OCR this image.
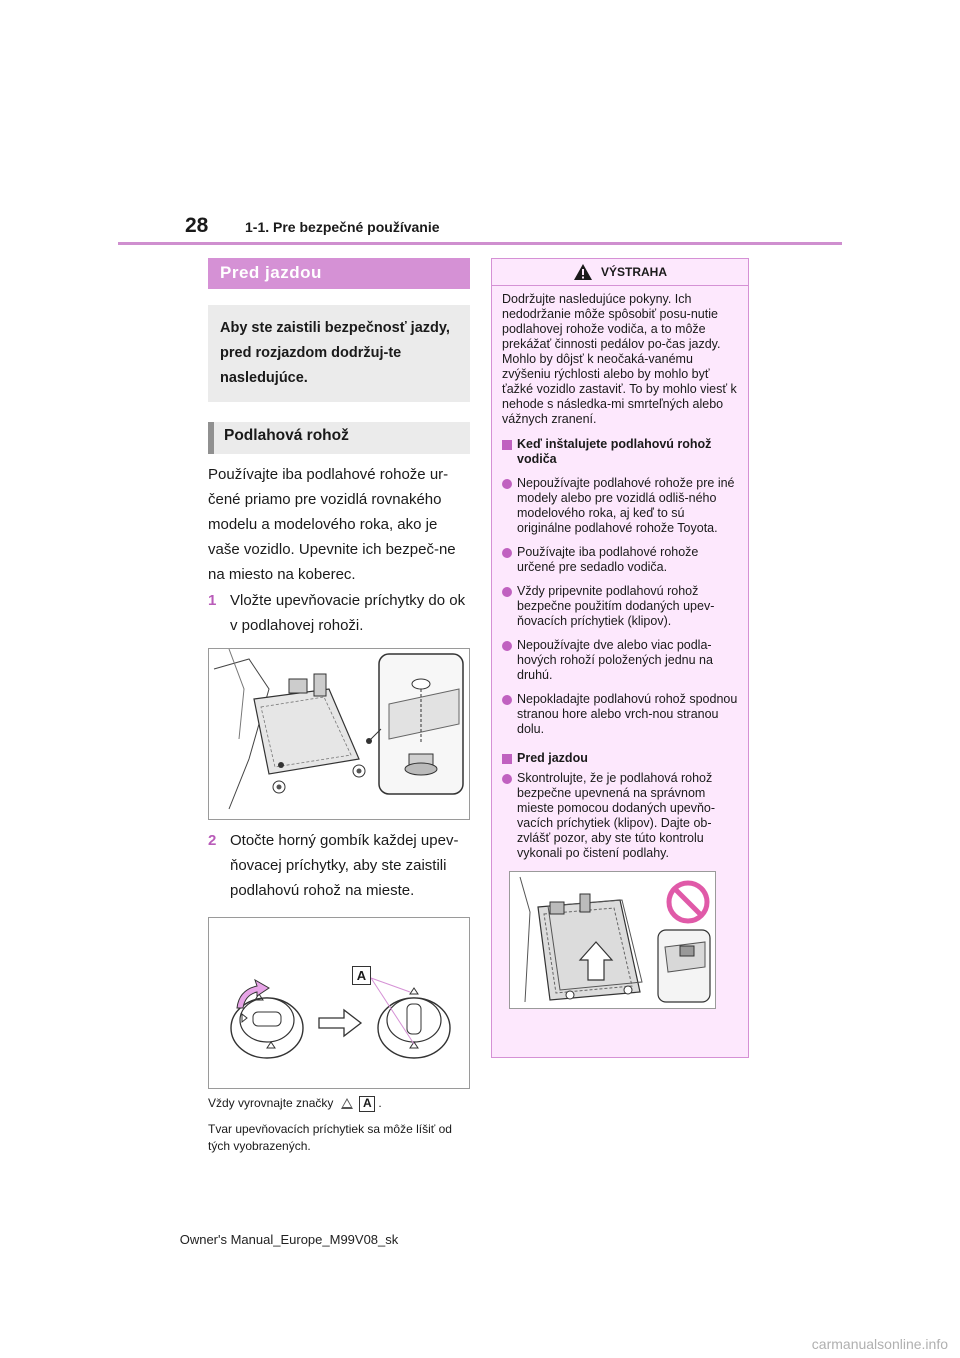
28	1-1. Pre bezpečné používanie
Pred jazdou
Aby ste zaistili bezpečnosť jazdy, pred rozjazdom dodržuj-te nasledujúce.
Podlahová rohož
Používajte iba podlahové rohože ur-čené priamo pre vozidlá rovnakého modelu a modelového roka, ako je vaše vozidlo. Upevnite ich bezpeč-ne na miesto na koberec.
1 Vložte upevňovacie príchytky do ok v podlahovej rohoži.
2 Otočte horný gombík každej upev-ňovacej príchytky, aby ste zaistili podlahovú rohož na mieste.
A
Vždy vyrovnajte značky	A .
Tvar upevňovacích príchytiek sa môže líšiť od tých vyobrazených.
VÝSTRAHA
Dodržujte nasledujúce pokyny. Ich nedodržanie môže spôsobiť posu-nutie podlahovej rohože vodiča, a to môže prekážať činnosti pedálov po-čas jazdy. Mohlo by dôjsť k neočaká-vanému zvýšeniu rýchlosti alebo by mohlo byť ťažké vozidlo zastaviť. To by mohlo viesť k nehode s následka-mi smrteľných alebo vážnych zranení.
Keď inštalujete podlahovú rohož vodiča
Nepoužívajte podlahové rohože pre iné modely alebo pre vozidlá odliš-ného modelového roka, aj keď to sú originálne podlahové rohože Toyota.
Používajte iba podlahové rohože určené pre sedadlo vodiča.
Vždy pripevnite podlahovú rohož bezpečne použitím dodaných upev-ňovacích príchytiek (klipov).
Nepoužívajte dve alebo viac podla-hových rohoží položených jednu na druhú.
Nepokladajte podlahovú rohož spodnou stranou hore alebo vrch-nou stranou dolu.
Pred jazdou
Skontrolujte, že je podlahová rohož bezpečne upevnená na správnom mieste pomocou dodaných upevňo-vacích príchytiek (klipov). Dajte ob-zvlášť pozor, aby ste túto kontrolu vykonali po čistení podlahy.
Owner's Manual_Europe_M99V08_sk
carmanualsonline.info
